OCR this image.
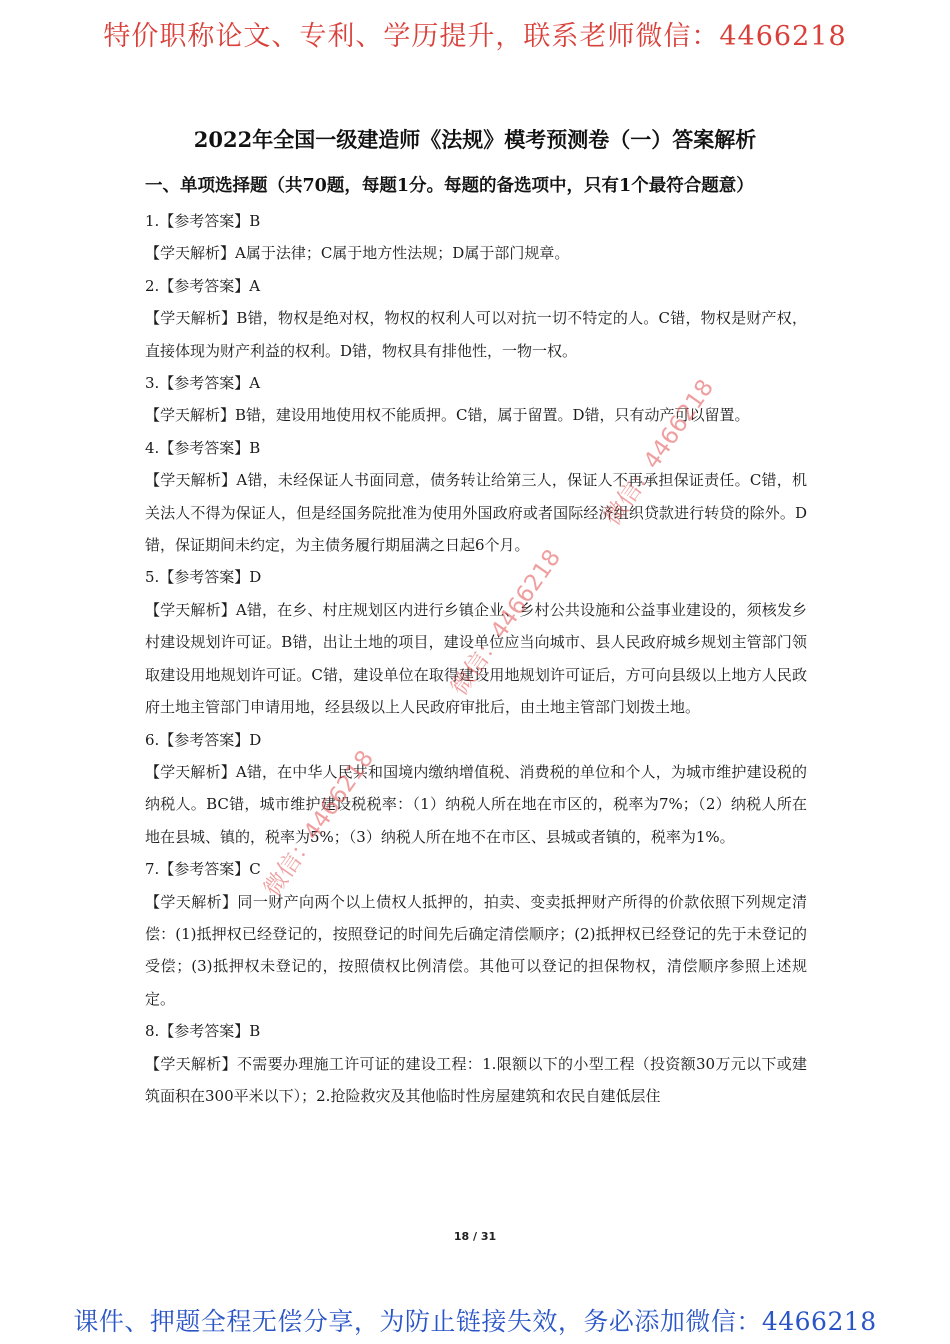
特价职称论文、专利、学历提升，联系老师微信：4466218
2022年全国一级建造师《法规》模考预测卷（一）答案解析
一、单项选择题（共70题，每题1分。每题的备选项中，只有1个最符合题意）

1.【参考答案】B

【学天解析】A属于法律；C属于地方性法规；D属于部门规章。

2.【参考答案】A

【学天解析】B错，物权是绝对权，物权的权利人可以对抗一切不特定的人。C错，物权是财产权，直接体现为财产利益的权利。D错，物权具有排他性，一物一权。

3.【参考答案】A

【学天解析】B错，建设用地使用权不能质押。C错，属于留置。D错，只有动产可以留置。

4.【参考答案】B

【学天解析】A错，未经保证人书面同意，债务转让给第三人，保证人不再承担保证责任。C错，机关法人不得为保证人，但是经国务院批准为使用外国政府或者国际经济组织贷款进行转贷的除外。D错，保证期间未约定，为主债务履行期届满之日起6个月。

5.【参考答案】D

【学天解析】A错，在乡、村庄规划区内进行乡镇企业、乡村公共设施和公益事业建设的，须核发乡村建设规划许可证。B错，出让土地的项目，建设单位应当向城市、县人民政府城乡规划主管部门领取建设用地规划许可证。C错，建设单位在取得建设用地规划许可证后，方可向县级以上地方人民政府土地主管部门申请用地，经县级以上人民政府审批后，由土地主管部门划拨土地。

6.【参考答案】D

【学天解析】A错，在中华人民共和国境内缴纳增值税、消费税的单位和个人，为城市维护建设税的纳税人。BC错，城市维护建设税税率：（1）纳税人所在地在市区的，税率为7%；（2）纳税人所在地在县城、镇的，税率为5%；（3）纳税人所在地不在市区、县城或者镇的，税率为1%。

7.【参考答案】C

【学天解析】同一财产向两个以上债权人抵押的，拍卖、变卖抵押财产所得的价款依照下列规定清偿：(1)抵押权已经登记的，按照登记的时间先后确定清偿顺序；(2)抵押权已经登记的先于未登记的受偿；(3)抵押权未登记的，按照债权比例清偿。其他可以登记的担保物权，清偿顺序参照上述规定。

8.【参考答案】B

【学天解析】不需要办理施工许可证的建设工程：1.限额以下的小型工程（投资额30万元以下或建筑面积在300平米以下）；2.抢险救灾及其他临时性房屋建筑和农民自建低层住

微信：4466218
微信：4466218
微信：4466218
18 / 31
课件、押题全程无偿分享，为防止链接失效，务必添加微信：4466218
